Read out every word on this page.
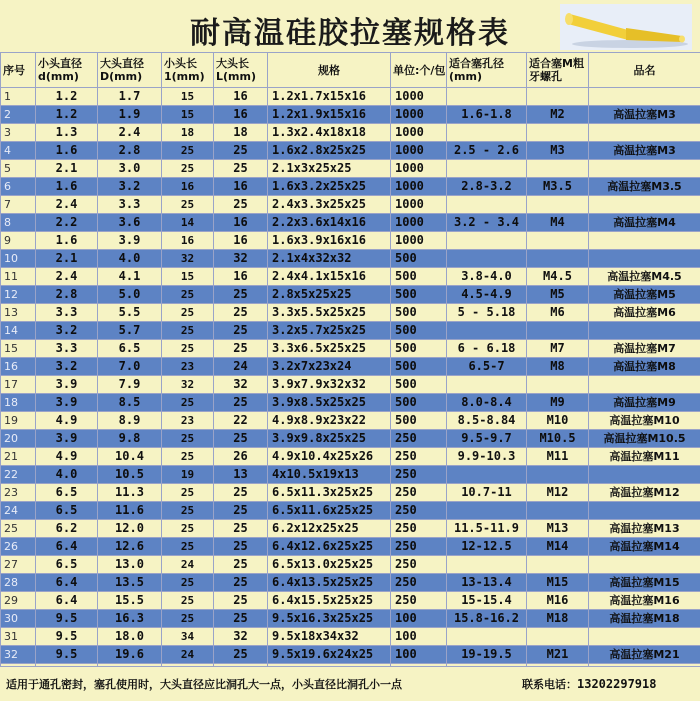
耐高温硅胶拉塞规格表
序号	小头直径d(mm)	大头直径D(mm)	小头长1(mm)	大头长L(mm)	规格	单位:个/包	适合塞孔径(mm)	适合塞M粗牙螺孔	品名
1	1.2	1.7	15	16	1.2x1.7x15x16	1000			
2	1.2	1.9	15	16	1.2x1.9x15x16	1000	1.6-1.8	M2	高温拉塞M3
3	1.3	2.4	18	18	1.3x2.4x18x18	1000			
4	1.6	2.8	25	25	1.6x2.8x25x25	1000	2.5 - 2.6	M3	高温拉塞M3
5	2.1	3.0	25	25	2.1x3x25x25	1000			
6	1.6	3.2	16	16	1.6x3.2x25x25	1000	2.8-3.2	M3.5	高温拉塞M3.5
7	2.4	3.3	25	25	2.4x3.3x25x25	1000			
8	2.2	3.6	14	16	2.2x3.6x14x16	1000	3.2 - 3.4	M4	高温拉塞M4
9	1.6	3.9	16	16	1.6x3.9x16x16	1000			
10	2.1	4.0	32	32	2.1x4x32x32	500			
11	2.4	4.1	15	16	2.4x4.1x15x16	500	3.8-4.0	M4.5	高温拉塞M4.5
12	2.8	5.0	25	25	2.8x5x25x25	500	4.5-4.9	M5	高温拉塞M5
13	3.3	5.5	25	25	3.3x5.5x25x25	500	5 - 5.18	M6	高温拉塞M6
14	3.2	5.7	25	25	3.2x5.7x25x25	500			
15	3.3	6.5	25	25	3.3x6.5x25x25	500	6 - 6.18	M7	高温拉塞M7
16	3.2	7.0	23	24	3.2x7x23x24	500	6.5-7	M8	高温拉塞M8
17	3.9	7.9	32	32	3.9x7.9x32x32	500			
18	3.9	8.5	25	25	3.9x8.5x25x25	500	8.0-8.4	M9	高温拉塞M9
19	4.9	8.9	23	22	4.9x8.9x23x22	500	8.5-8.84	M10	高温拉塞M10
20	3.9	9.8	25	25	3.9x9.8x25x25	250	9.5-9.7	M10.5	高温拉塞M10.5
21	4.9	10.4	25	26	4.9x10.4x25x26	250	9.9-10.3	M11	高温拉塞M11
22	4.0	10.5	19	13	4x10.5x19x13	250			
23	6.5	11.3	25	25	6.5x11.3x25x25	250	10.7-11	M12	高温拉塞M12
24	6.5	11.6	25	25	6.5x11.6x25x25	250			
25	6.2	12.0	25	25	6.2x12x25x25	250	11.5-11.9	M13	高温拉塞M13
26	6.4	12.6	25	25	6.4x12.6x25x25	250	12-12.5	M14	高温拉塞M14
27	6.5	13.0	24	25	6.5x13.0x25x25	250			
28	6.4	13.5	25	25	6.4x13.5x25x25	250	13-13.4	M15	高温拉塞M15
29	6.4	15.5	25	25	6.4x15.5x25x25	250	15-15.4	M16	高温拉塞M16
30	9.5	16.3	25	25	9.5x16.3x25x25	100	15.8-16.2	M18	高温拉塞M18
31	9.5	18.0	34	32	9.5x18x34x32	100			
32	9.5	19.6	24	25	9.5x19.6x24x25	100	19-19.5	M21	高温拉塞M21

适用于通孔密封，塞孔使用时，大头直径应比洞孔大一点，小头直径比洞孔小一点	联系电话：13202297918
